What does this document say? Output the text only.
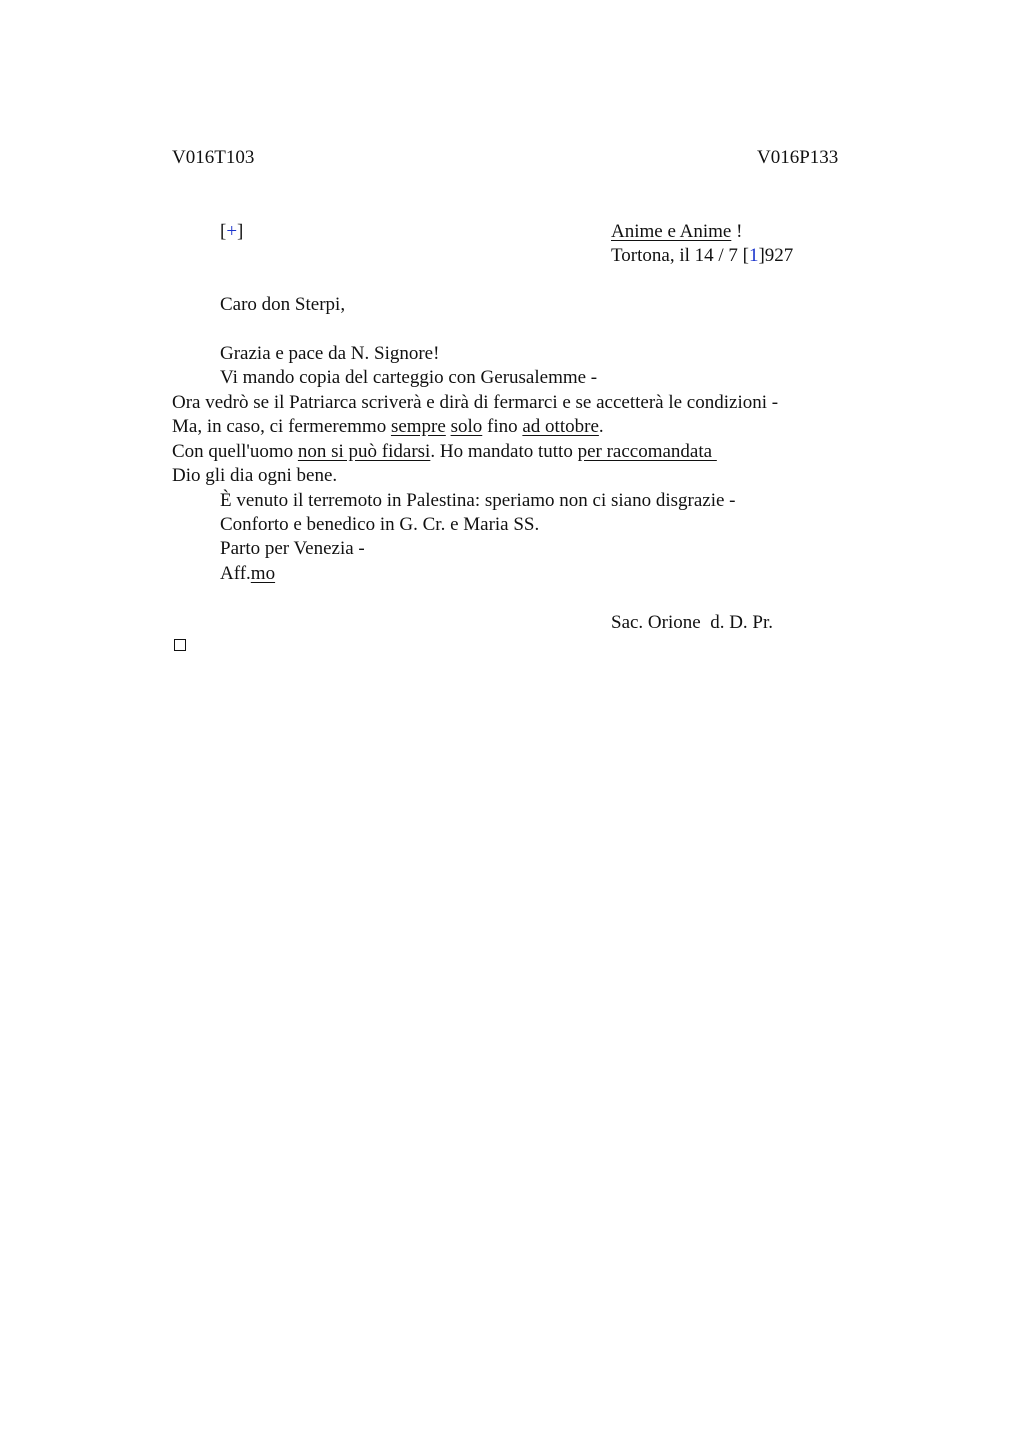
V016T103	V016P133
[+]	Anime e Anime !
Tortona, il 14 / 7 [1]927
Caro don Sterpi,
Grazia e pace da N. Signore!
Vi mando copia del carteggio con Gerusalemme -
Ora vedrò se il Patriarca scriverà e dirà di fermarci e se accetterà le condizioni -
Ma, in caso, ci fermeremmo sempre solo fino ad ottobre.
Con quell'uomo non si può fidarsi. Ho mandato tutto per raccomandata
Dio gli dia ogni bene.
È venuto il terremoto in Palestina: speriamo non ci siano disgrazie -
Conforto e benedico in G. Cr. e Maria SS.
Parto per Venezia -
Aff.mo
Sac. Orione  d. D. Pr.
